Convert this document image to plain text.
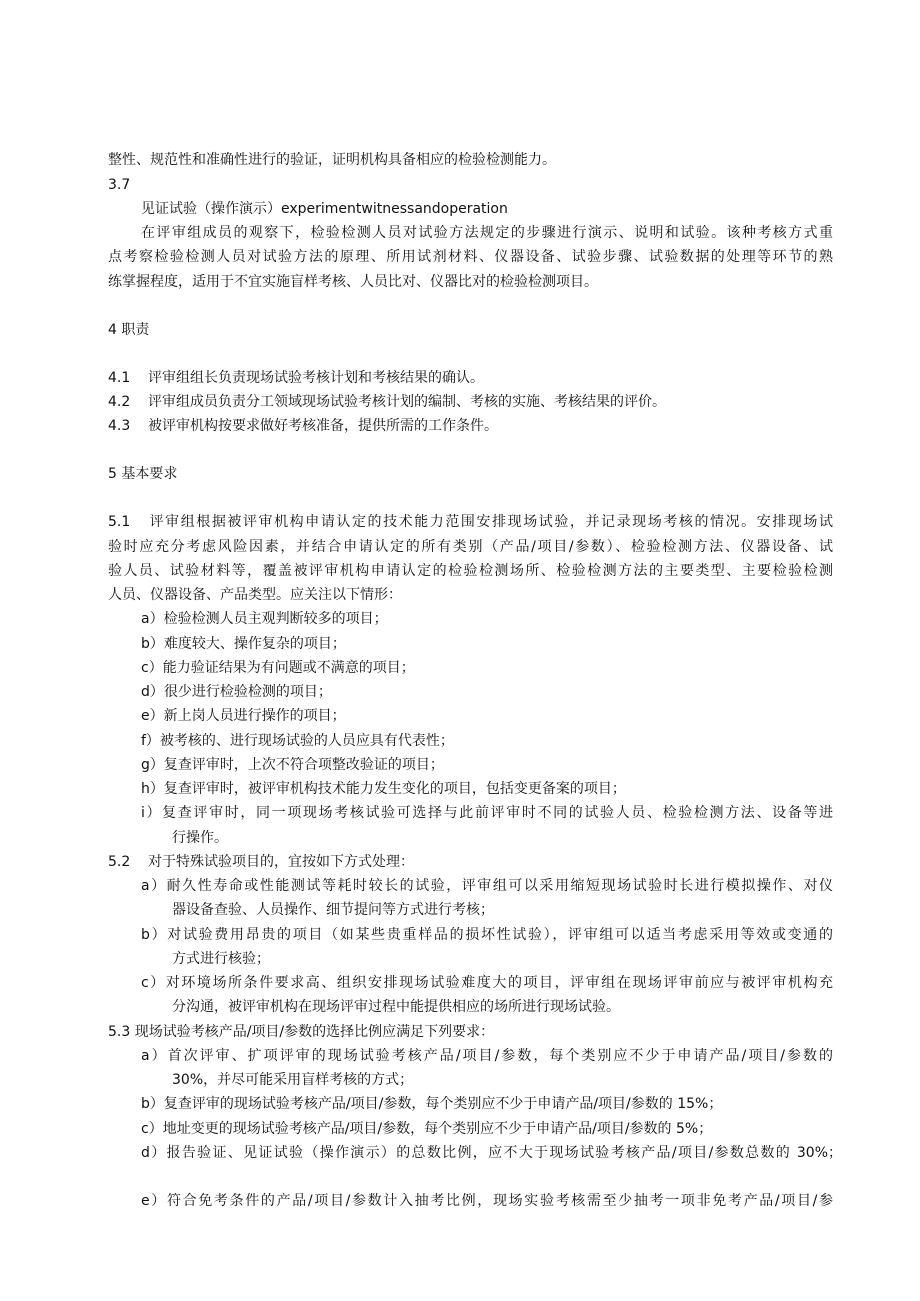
整性、规范性和准确性进行的验证，证明机构具备相应的检验检测能力。
3.7
见证试验（操作演示）experimentwitnessandoperation
在评审组成员的观察下，检验检测人员对试验方法规定的步骤进行演示、说明和试验。该种考核方式重
点考察检验检测人员对试验方法的原理、所用试剂材料、仪器设备、试验步骤、试验数据的处理等环节的熟
练掌握程度，适用于不宜实施盲样考核、人员比对、仪器比对的检验检测项目。
4 职责
4.1 评审组组长负责现场试验考核计划和考核结果的确认。
4.2 评审组成员负责分工领域现场试验考核计划的编制、考核的实施、考核结果的评价。
4.3 被评审机构按要求做好考核准备，提供所需的工作条件。
5 基本要求
5.1 评审组根据被评审机构申请认定的技术能力范围安排现场试验，并记录现场考核的情况。安排现场试
验时应充分考虑风险因素，并结合申请认定的所有类别（产品/项目/参数）、检验检测方法、仪器设备、试
验人员、试验材料等，覆盖被评审机构申请认定的检验检测场所、检验检测方法的主要类型、主要检验检测
人员、仪器设备、产品类型。应关注以下情形：
a）检验检测人员主观判断较多的项目；
b）难度较大、操作复杂的项目；
c）能力验证结果为有问题或不满意的项目；
d）很少进行检验检测的项目；
e）新上岗人员进行操作的项目；
f）被考核的、进行现场试验的人员应具有代表性；
g）复查评审时，上次不符合项整改验证的项目；
h）复查评审时，被评审机构技术能力发生变化的项目，包括变更备案的项目；
i）复查评审时，同一项现场考核试验可选择与此前评审时不同的试验人员、检验检测方法、设备等进
行操作。
5.2 对于特殊试验项目的，宜按如下方式处理：
a）耐久性寿命或性能测试等耗时较长的试验，评审组可以采用缩短现场试验时长进行模拟操作、对仪
器设备查验、人员操作、细节提问等方式进行考核；
b）对试验费用昂贵的项目（如某些贵重样品的损坏性试验），评审组可以适当考虑采用等效或变通的
方式进行核验；
c）对环境场所条件要求高、组织安排现场试验难度大的项目，评审组在现场评审前应与被评审机构充
分沟通，被评审机构在现场评审过程中能提供相应的场所进行现场试验。
5.3 现场试验考核产品/项目/参数的选择比例应满足下列要求：
a）首次评审、扩项评审的现场试验考核产品/项目/参数，每个类别应不少于申请产品/项目/参数的
30%，并尽可能采用盲样考核的方式；
b）复查评审的现场试验考核产品/项目/参数，每个类别应不少于申请产品/项目/参数的 15%；
c）地址变更的现场试验考核产品/项目/参数，每个类别应不少于申请产品/项目/参数的 5%；
d）报告验证、见证试验（操作演示）的总数比例，应不大于现场试验考核产品/项目/参数总数的 30%；
e）符合免考条件的产品/项目/参数计入抽考比例，现场实验考核需至少抽考一项非免考产品/项目/参
